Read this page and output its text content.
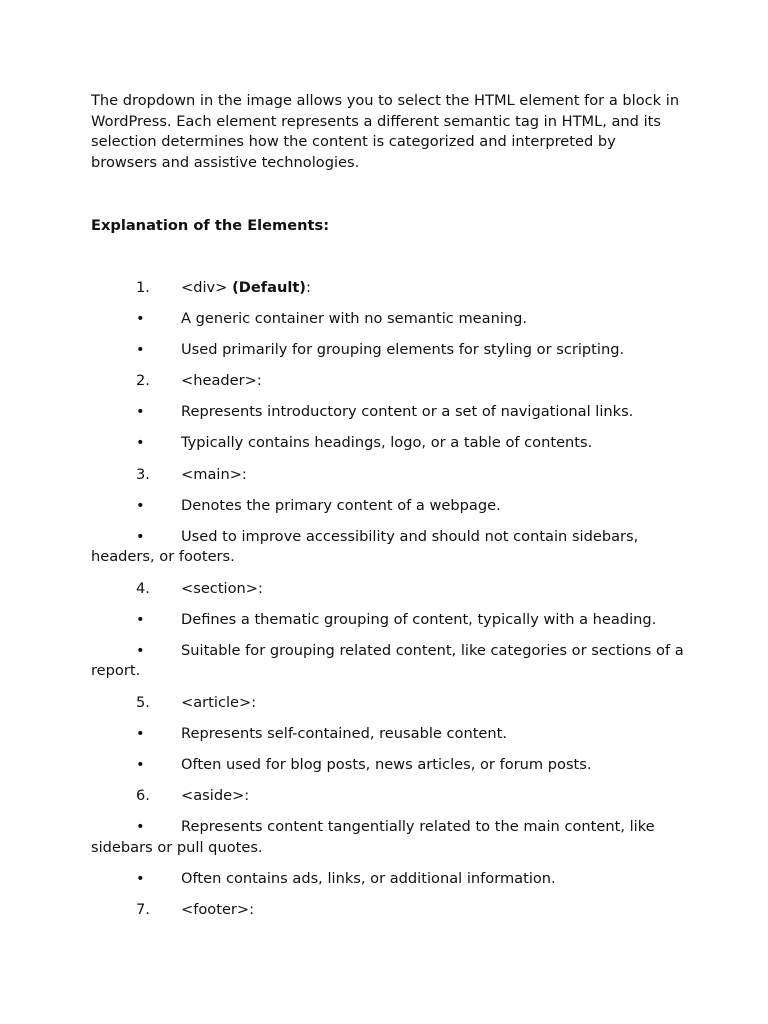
The dropdown in the image allows you to select the HTML element for a block in WordPress. Each element represents a different semantic tag in HTML, and its selection determines how the content is categorized and interpreted by browsers and assistive technologies.

Explanation of the Elements:

1. <div> (Default):
• A generic container with no semantic meaning.
• Used primarily for grouping elements for styling or scripting.
2. <header>:
• Represents introductory content or a set of navigational links.
• Typically contains headings, logo, or a table of contents.
3. <main>:
• Denotes the primary content of a webpage.
• Used to improve accessibility and should not contain sidebars, headers, or footers.
4. <section>:
• Defines a thematic grouping of content, typically with a heading.
• Suitable for grouping related content, like categories or sections of a report.
5. <article>:
• Represents self-contained, reusable content.
• Often used for blog posts, news articles, or forum posts.
6. <aside>:
• Represents content tangentially related to the main content, like sidebars or pull quotes.
• Often contains ads, links, or additional information.
7. <footer>:
